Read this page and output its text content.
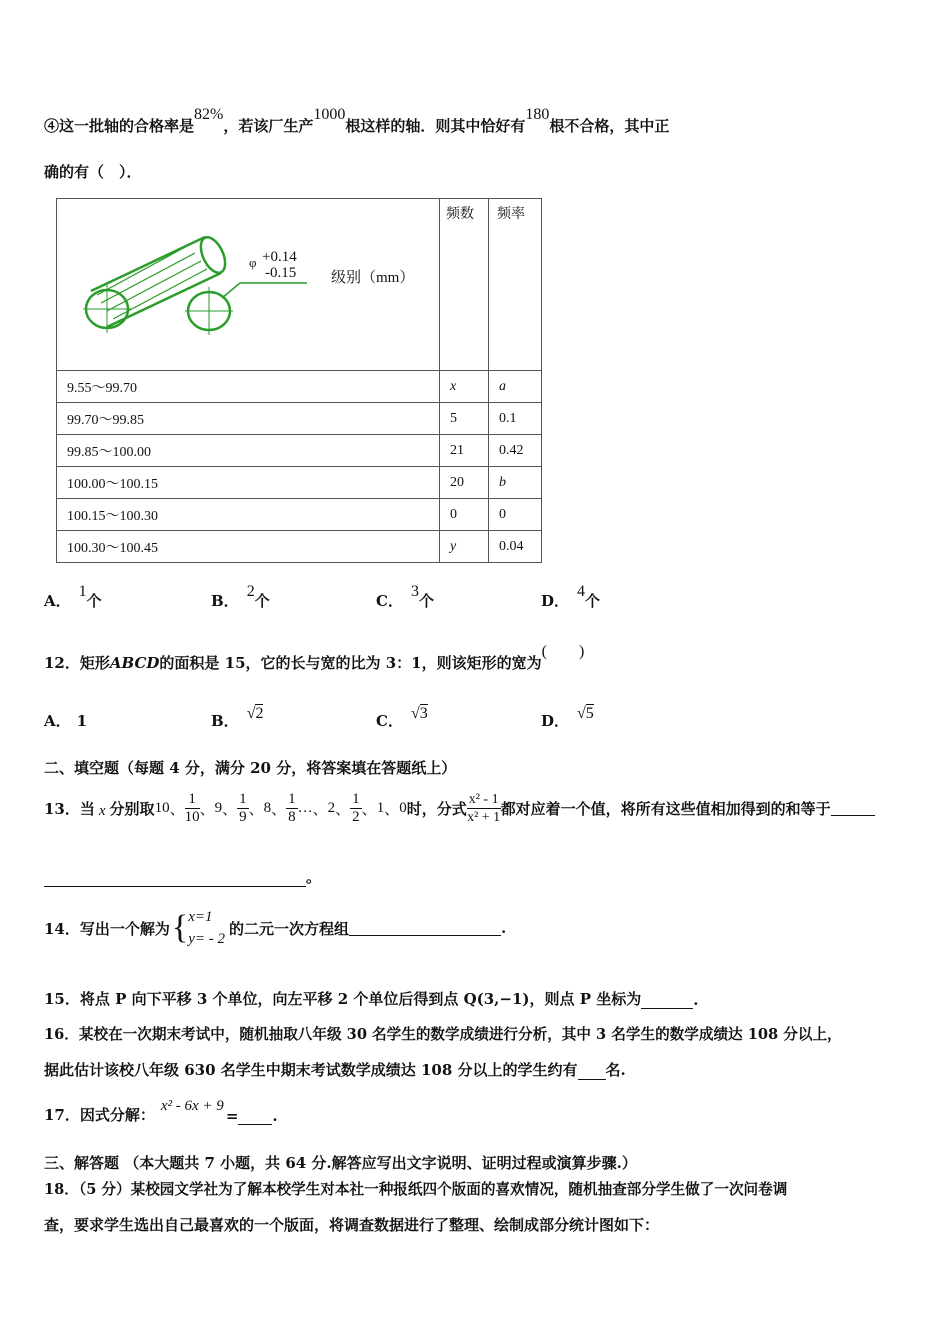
④这一批轴的合格率是82%，若该厂生产1000根这样的轴．则其中恰好有180根不合格，其中正
确的有（　）．
φ +0.14
-0.15 级别（mm）	频数	频率
9.55～99.70	x	a
99.70～99.85	5	0.1
99.85～100.00	21	0.42
100.00～100.15	20	b
100.15～100.30	0	0
100.30～100.45	y	0.04
A．1个	B．2个	C．3个	D．4个
12．矩形ABCD的面积是 15，它的长与宽的比为 3：1，则该矩形的宽为(　　)
A． 1	B． √2	C． √3	D． √5
二、填空题（每题 4 分，满分 20 分，将答案填在答题纸上）
13．当 x 分别取 10 、 $\frac{1}{10}$ 、 9 、 $\frac{1}{9}$ 、 8 、 $\frac{1}{8}$ … 、 2 、 $\frac{1}{2}$ 、 1 、 0 时，分式 $\frac{\text{x² - 1}}{\text{x² + 1}}$ 都对应着一个值，将所有这些值相加得到的和等于
。
14．写出一个解为 { x=1
y= - 2
的二元一次方程组	.
15．将点 P 向下平移 3 个单位，向左平移 2 个单位后得到点 Q(3,−1)，则点 P 坐标为	.
16．某校在一次期末考试中，随机抽取八年级 30 名学生的数学成绩进行分析，其中 3 名学生的数学成绩达 108 分以上，
据此估计该校八年级 630 名学生中期末考试数学成绩达 108 分以上的学生约有 名.
17．因式分解： x² - 6x + 9
= .
三、解答题 （本大题共 7 小题，共 64 分.解答应写出文字说明、证明过程或演算步骤.）
18．（5 分）某校园文学社为了解本校学生对本社一种报纸四个版面的喜欢情况，随机抽查部分学生做了一次问卷调
查，要求学生选出自己最喜欢的一个版面，将调查数据进行了整理、绘制成部分统计图如下：
